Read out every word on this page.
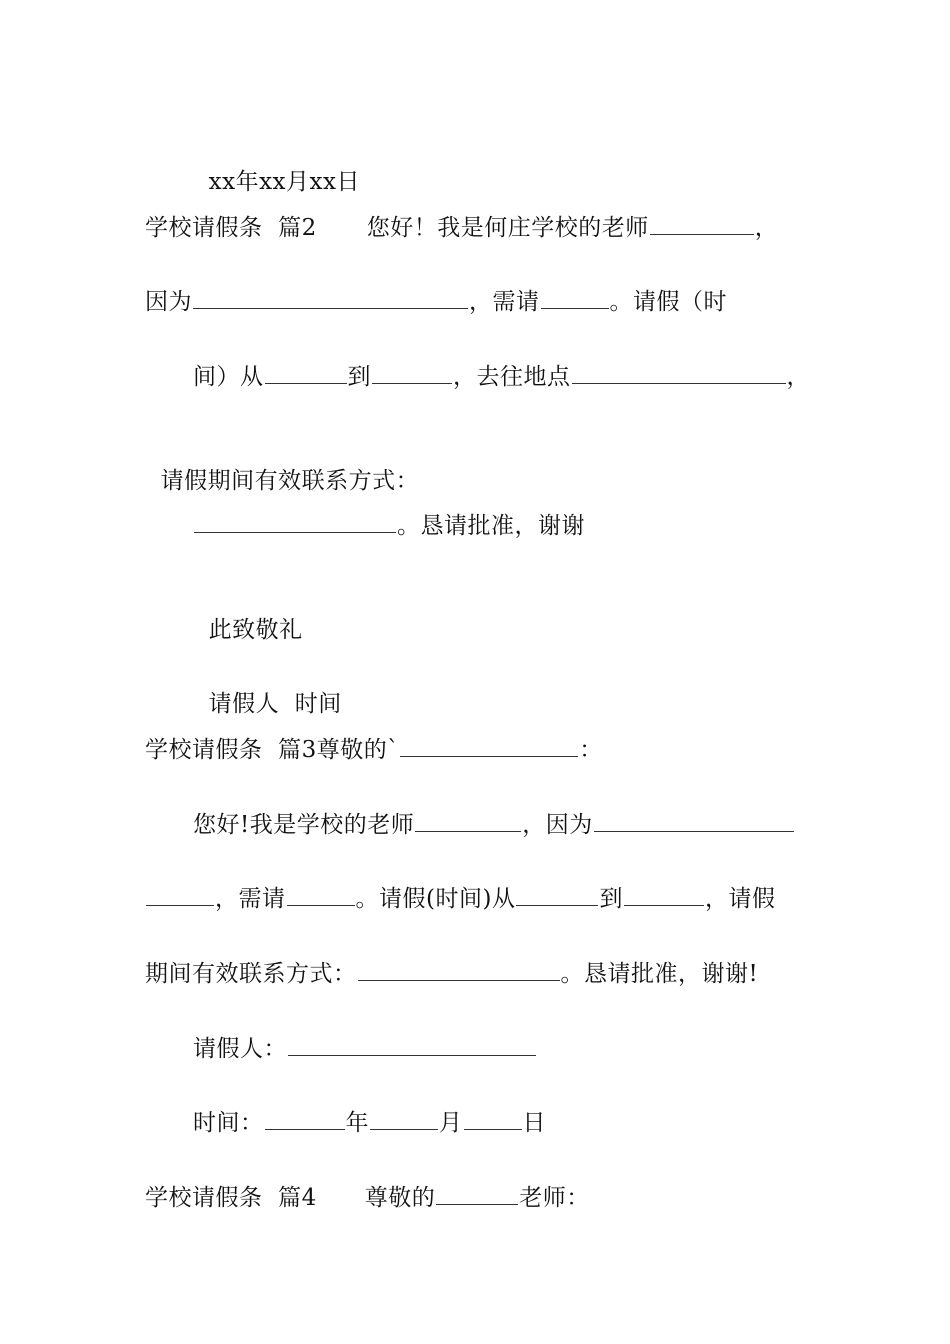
xx年xx月xx日

学校请假条  篇2 您好！我是何庄学校的老师	，
因为	，需请	。请假（时
间）从	到	，去往地点	，

请假期间有效联系方式：

。恳请批准，谢谢

此致敬礼

请假人  时间

学校请假条  篇3尊敬的`	：
您好!我是学校的老师	，因为
，需请	。请假(时间)从	到	，请假
期间有效联系方式：	。恳请批准，谢谢!
请假人：
时间：	年	月	日
学校请假条  篇4 尊敬的	老师：
